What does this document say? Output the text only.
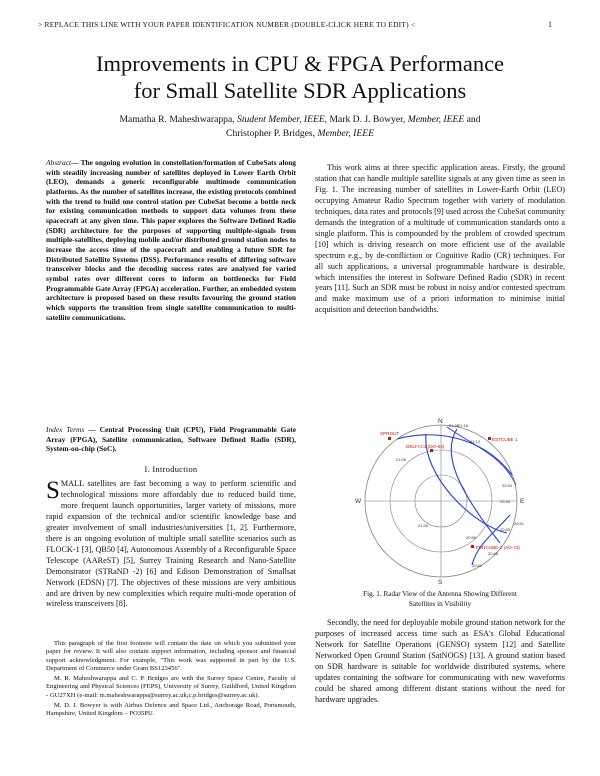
> REPLACE THIS LINE WITH YOUR PAPER IDENTIFICATION NUMBER (DOUBLE-CLICK HERE TO EDIT) <	1
Improvements in CPU & FPGA Performance
for Small Satellite SDR Applications
Mamatha R. Maheshwarappa, Student Member, IEEE, Mark D. J. Bowyer, Member, IEEE and
Christopher P. Bridges, Member, IEEE
Abstract— The ongoing evolution in constellation/formation of CubeSats along with steadily increasing number of satellites deployed in Lower Earth Orbit (LEO), demands a generic reconfigurable multimode communication platforms. As the number of satellites increase, the existing protocols combined with the trend to build one control station per CubeSat become a bottle neck for existing communication methods to support data volumes from these spacecraft at any given time. This paper explores the Software Defined Radio (SDR) architecture for the purposes of supporting multiple-signals from multiple-satellites, deploying mobile and/or distributed ground station nodes to increase the access time of the spacecraft and enabling a future SDR for Distributed Satellite Systems (DSS). Performance results of differing software transceiver blocks and the decoding success rates are analysed for varied symbol rates over different cores to inform on bottlenecks for Field Programmable Gate Array (FPGA) acceleration. Further, an embedded system architecture is proposed based on these results favouring the ground station which supports the transition from single satellite communication to multi-satellite communications.
Index Terms — Central Processing Unit (CPU), Field Programmable Gate Array (FPGA), Satellite communication, Software Defined Radio (SDR), System-on-chip (SoC).
I. Introduction
SMALL satellites are fast becoming a way to perform scientific and technological missions more affordably due to reduced build time, more frequent launch opportunities, larger variety of missions, more rapid expansion of the technical and/or scientific knowledge base and greater involvement of small industries/universities [1, 2]. Furthermore, there is an ongoing evolution of multiple small satellite scenarios such as FLOCK-1 [3], QB50 [4], Autonomous Assembly of a Reconfigurable Space Telescope (AAReST) [5], Surrey Training Research and Nano-Satellite Demonstrator (STRaND -2) [6] and Edison Demonstration of Smallsat Network (EDSN) [7]. The objectives of these missions are very ambitious and are driven by new complexities which require multi-mode operation of wireless transceivers [8].

This paragraph of the first footnote will contain the date on which you submitted your paper for review. It will also contain support information, including sponsor and financial support acknowledgment. For example, "This work was supported in part by the U.S. Department of Commerce under Grant BS123456".

M. R. Maheshwarappa and C. P. Bridges are with the Surrey Space Centre, Faculty of Engineering and Physical Sciences (FEPS), University of Surrey, Guildford, United Kingdom - GU27XH (e-mail: m.maheshwarappa@surrey.ac.uk;c.p.bridges@surrey.ac.uk).

M. D. J. Bowyer is with Airbus Defence and Space Ltd., Anchorage Road, Portsmouth, Hampshire, United Kingdom – PO35PU.

This work aims at three specific application areas. Firstly, the ground station that can handle multiple satellite signals at any given time as seen in Fig. 1. The increasing number of satellites in Lower-Earth Orbit (LEO) occupying Amateur Radio Spectrum together with variety of modulation techniques, data rates and protocols [9] used across the CubeSat community demands the integration of a multitude of communication standards onto a single platform. This is compounded by the problem of crowded spectrum [10] which is driving research on more efficient use of the available spectrum e.g., by de-confliction or Cognitive Radio (CR) techniques. For all such applications, a universal programmable hardware is desirable, which intensifies the interest in Software Defined Radio (SDR) in recent years [11]. Such an SDR must be robust in noisy and/or contested spectrum and make maximum use of a priori information to minimise initial acquisition and detection bandwidths.

N
S
E
W
DELFI-C3 (DO-64)
ESTCUBE 1
FUNCUBE-1 (AO-73)
SPROUT
21:06
21:26
21:36
20:54
21:12
20:55
20:55
20:51
20:46
20:41
20:56
21:16
Fig. 1. Radar View of the Antenna Showing Different
Satellites in Visibility

Secondly, the need for deployable mobile ground station network for the purposes of increased access time such as ESA's Global Educational Network for Satellite Operations (GENSO) system [12] and Satellite Networked Open Ground Station (SatNOGS) [13]. A ground station based on SDR hardware is suitable for worldwide distributed systems, where updates containing the software for communicating with new waveforms could be shared among different distant stations without the need for hardware upgrades.
